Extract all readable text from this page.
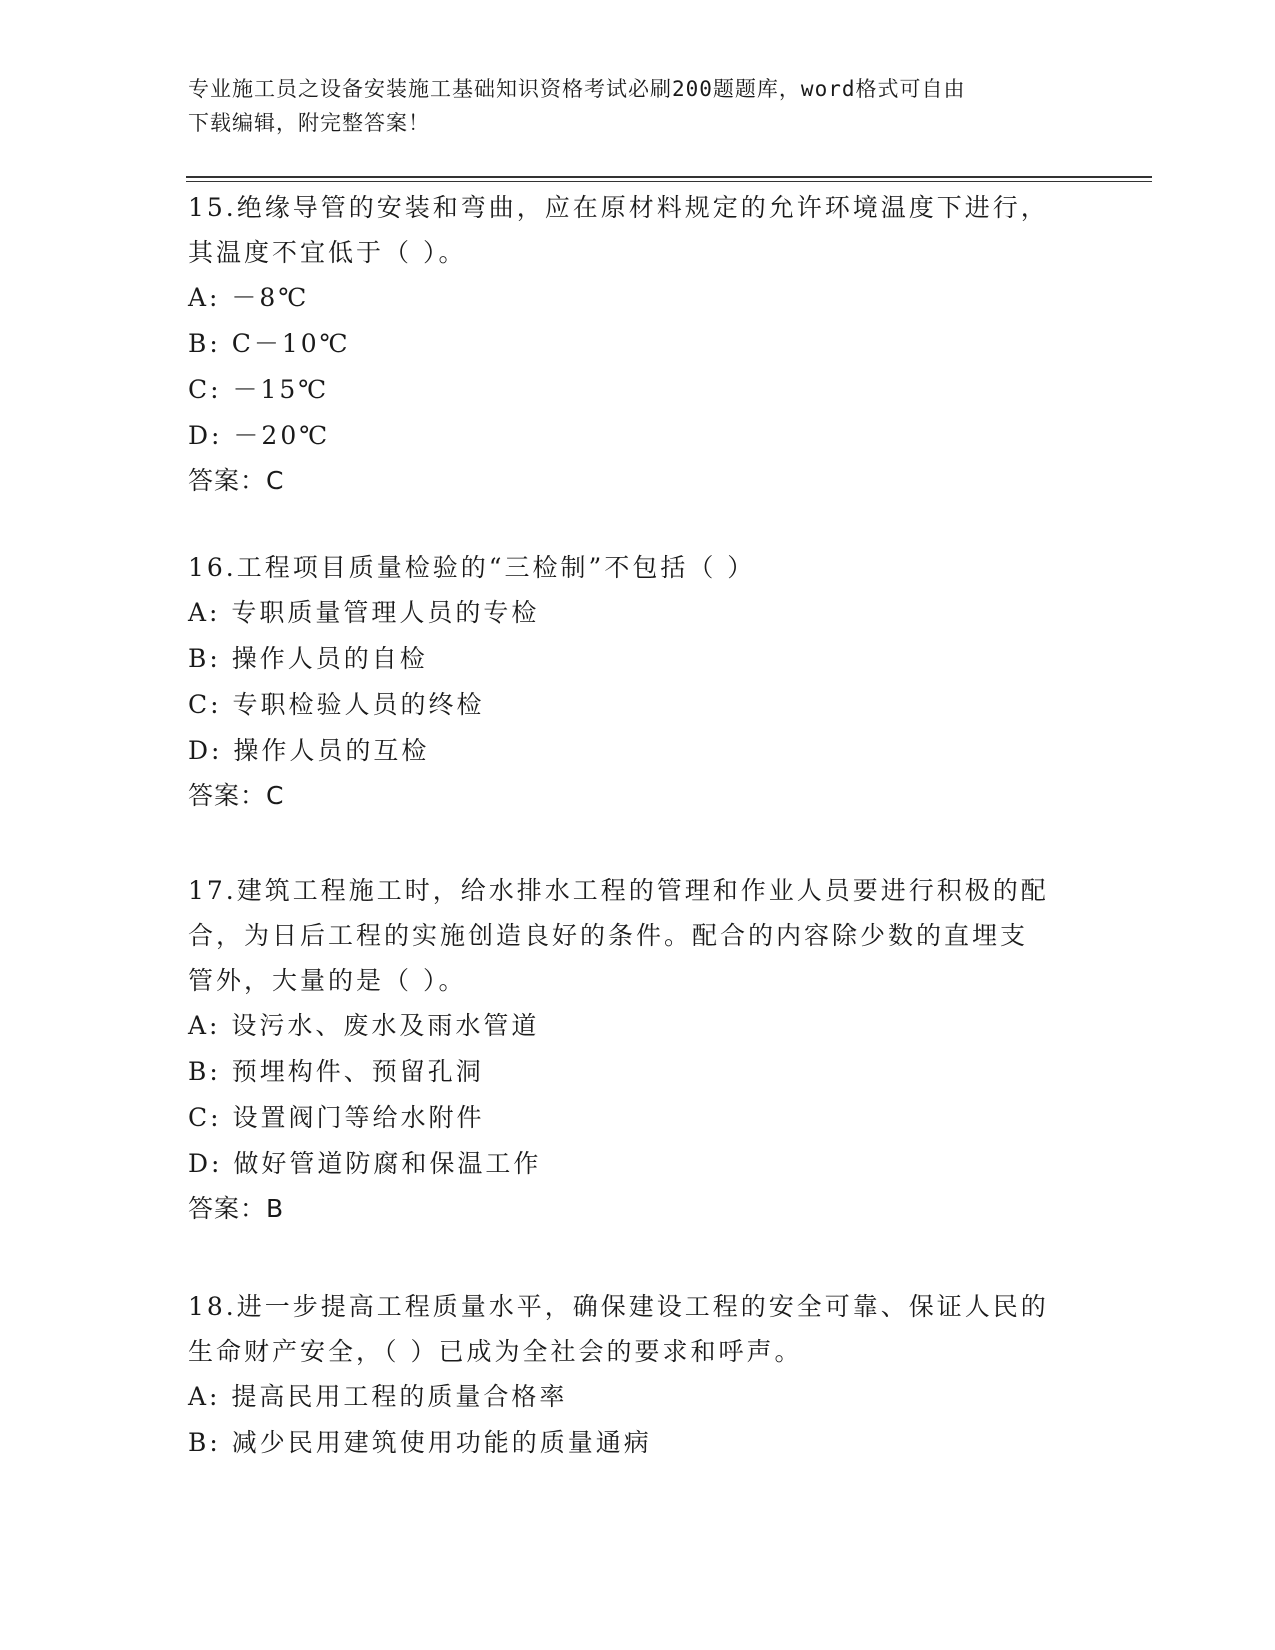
专业施工员之设备安装施工基础知识资格考试必刷200题题库，word格式可自由
下载编辑，附完整答案！
15.绝缘导管的安装和弯曲，应在原材料规定的允许环境温度下进行，
其温度不宜低于（ ）。
A: －8℃
B: C－10℃
C: －15℃
D: －20℃
答案：C
16.工程项目质量检验的“三检制”不包括（ ）
A: 专职质量管理人员的专检
B: 操作人员的自检
C: 专职检验人员的终检
D: 操作人员的互检
答案：C
17.建筑工程施工时，给水排水工程的管理和作业人员要进行积极的配
合，为日后工程的实施创造良好的条件。配合的内容除少数的直埋支
管外，大量的是（ ）。
A: 设污水、废水及雨水管道
B: 预埋构件、预留孔洞
C: 设置阀门等给水附件
D: 做好管道防腐和保温工作
答案：B
18.进一步提高工程质量水平，确保建设工程的安全可靠、保证人民的
生命财产安全，（ ）已成为全社会的要求和呼声。
A: 提高民用工程的质量合格率
B: 减少民用建筑使用功能的质量通病
